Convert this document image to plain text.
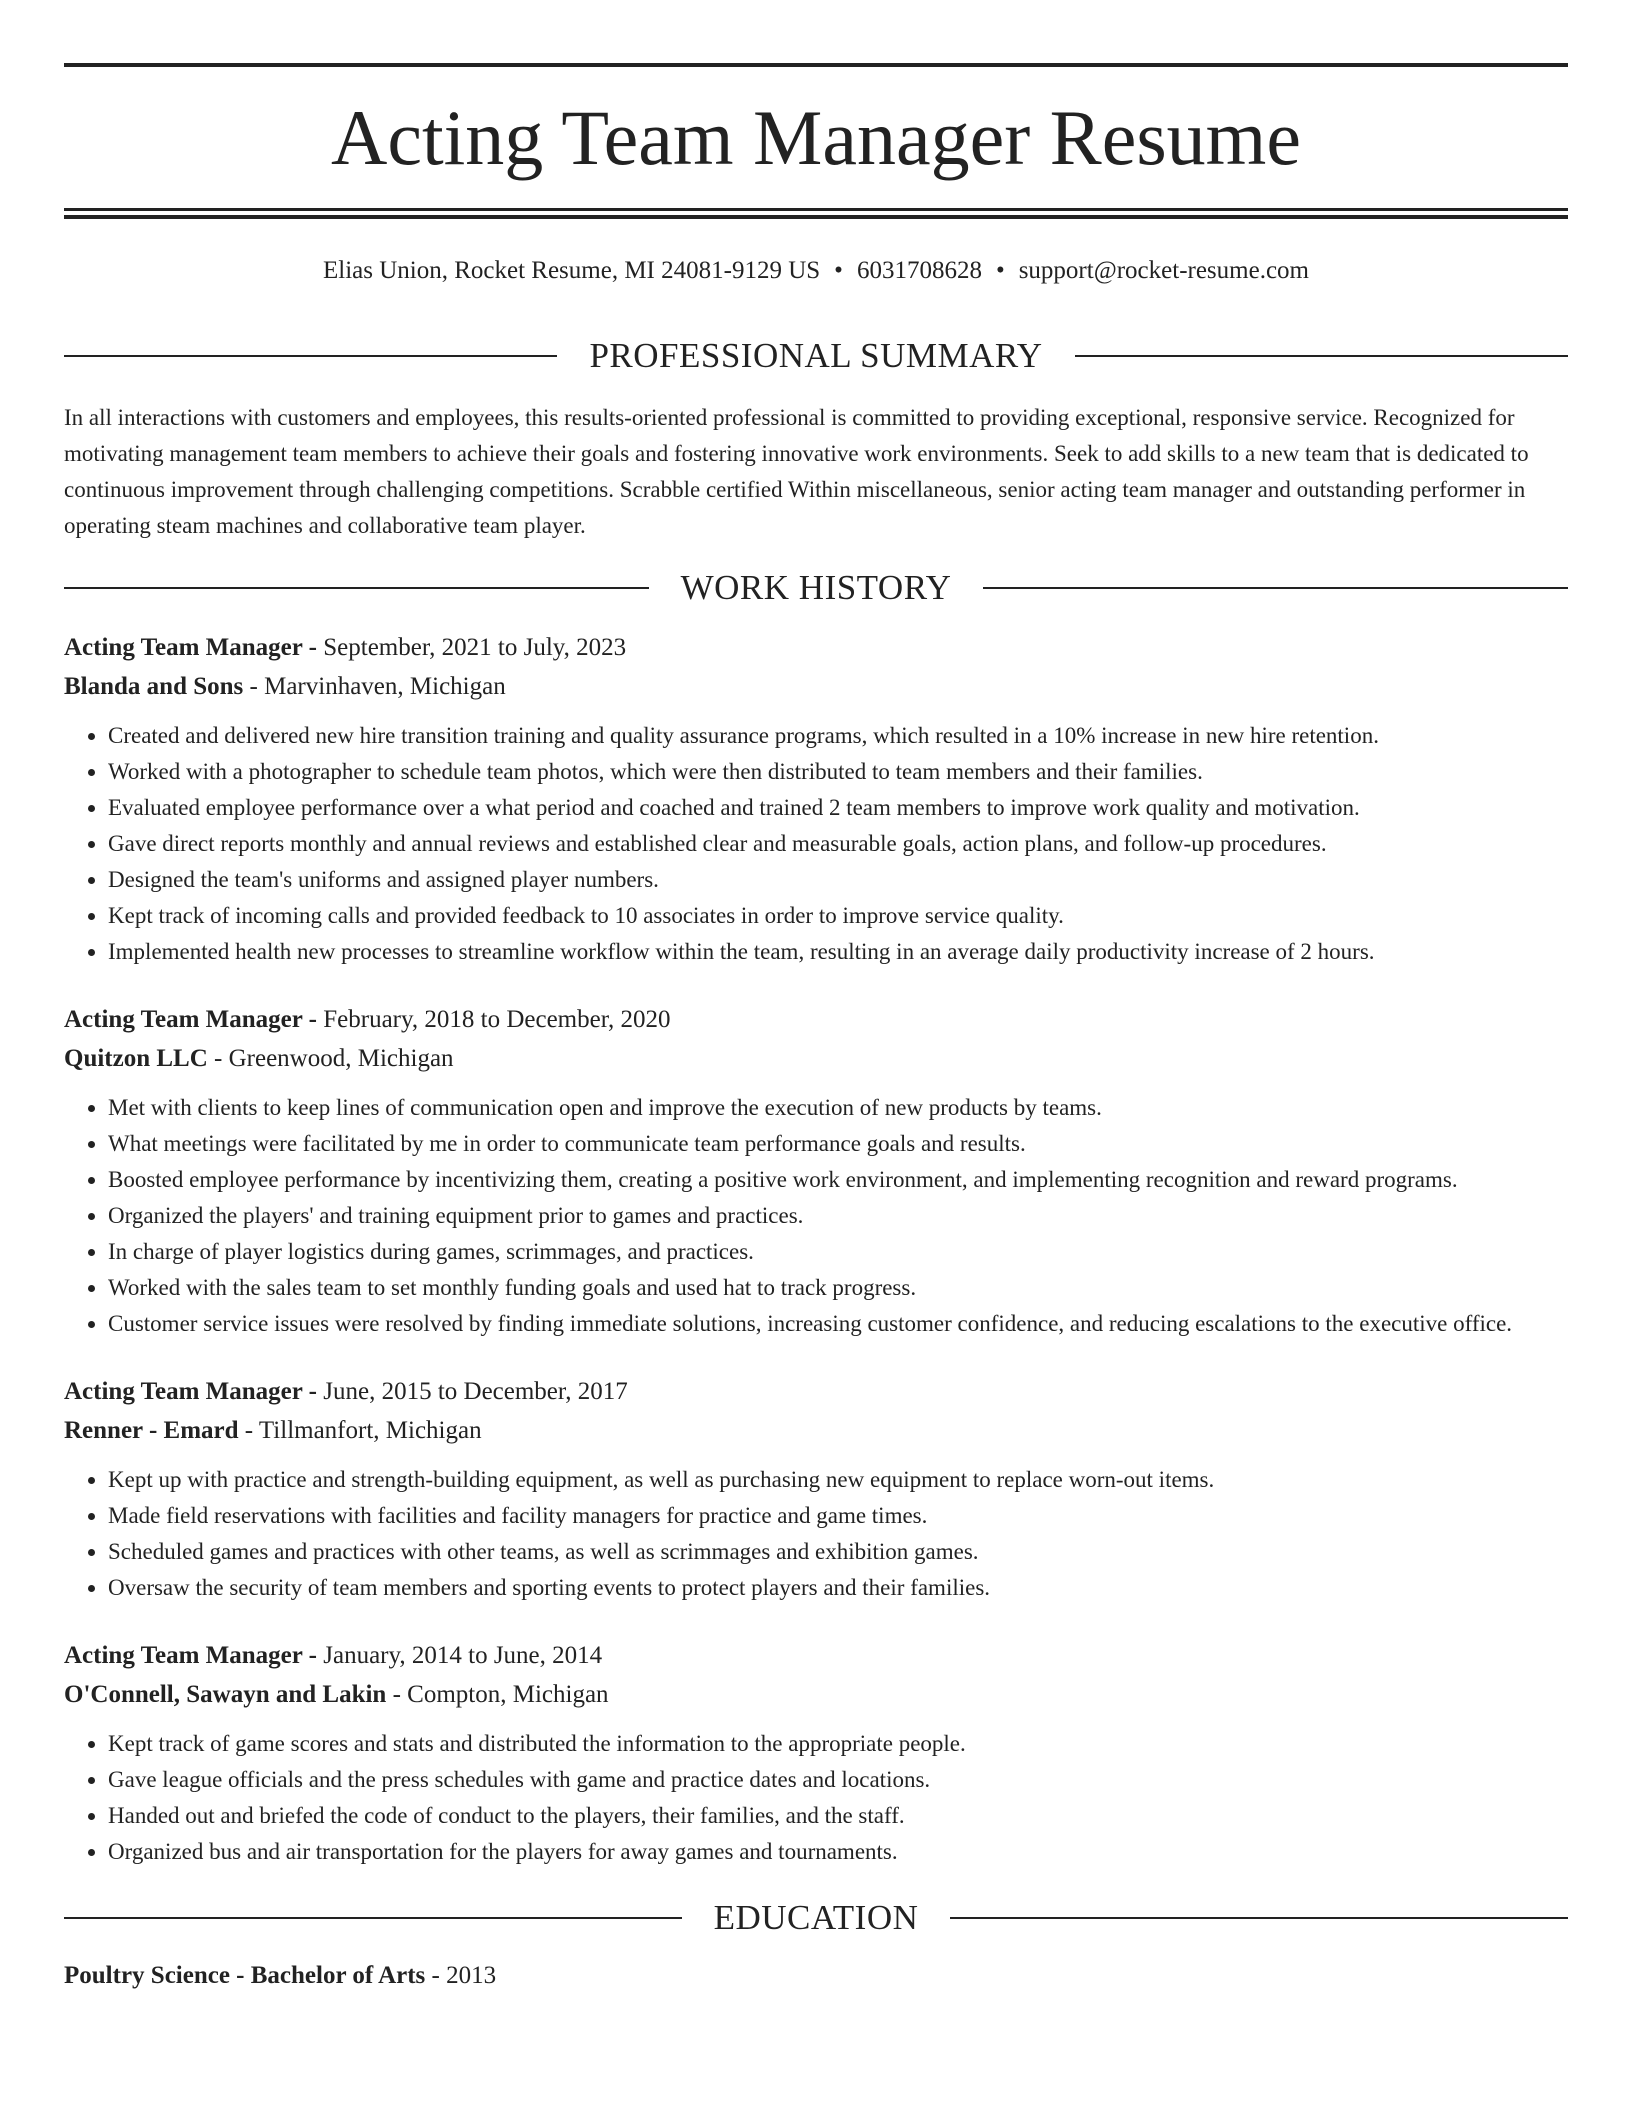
Acting Team Manager Resume
Elias Union, Rocket Resume, MI 24081-9129 US • 6031708628 • support@rocket-resume.com
PROFESSIONAL SUMMARY

In all interactions with customers and employees, this results-oriented professional is committed to providing exceptional, responsive service. Recognized for motivating management team members to achieve their goals and fostering innovative work environments. Seek to add skills to a new team that is dedicated to continuous improvement through challenging competitions. Scrabble certified Within miscellaneous, senior acting team manager and outstanding performer in operating steam machines and collaborative team player.

WORK HISTORY
Acting Team Manager - September, 2021 to July, 2023
Blanda and Sons - Marvinhaven, Michigan
• Created and delivered new hire transition training and quality assurance programs, which resulted in a 10% increase in new hire retention.
• Worked with a photographer to schedule team photos, which were then distributed to team members and their families.
• Evaluated employee performance over a what period and coached and trained 2 team members to improve work quality and motivation.
• Gave direct reports monthly and annual reviews and established clear and measurable goals, action plans, and follow-up procedures.
• Designed the team's uniforms and assigned player numbers.
• Kept track of incoming calls and provided feedback to 10 associates in order to improve service quality.
• Implemented health new processes to streamline workflow within the team, resulting in an average daily productivity increase of 2 hours.
Acting Team Manager - February, 2018 to December, 2020
Quitzon LLC - Greenwood, Michigan
• Met with clients to keep lines of communication open and improve the execution of new products by teams.
• What meetings were facilitated by me in order to communicate team performance goals and results.
• Boosted employee performance by incentivizing them, creating a positive work environment, and implementing recognition and reward programs.
• Organized the players' and training equipment prior to games and practices.
• In charge of player logistics during games, scrimmages, and practices.
• Worked with the sales team to set monthly funding goals and used hat to track progress.
• Customer service issues were resolved by finding immediate solutions, increasing customer confidence, and reducing escalations to the executive office.
Acting Team Manager - June, 2015 to December, 2017
Renner - Emard - Tillmanfort, Michigan
• Kept up with practice and strength-building equipment, as well as purchasing new equipment to replace worn-out items.
• Made field reservations with facilities and facility managers for practice and game times.
• Scheduled games and practices with other teams, as well as scrimmages and exhibition games.
• Oversaw the security of team members and sporting events to protect players and their families.
Acting Team Manager - January, 2014 to June, 2014
O'Connell, Sawayn and Lakin - Compton, Michigan
• Kept track of game scores and stats and distributed the information to the appropriate people.
• Gave league officials and the press schedules with game and practice dates and locations.
• Handed out and briefed the code of conduct to the players, their families, and the staff.
• Organized bus and air transportation for the players for away games and tournaments.
EDUCATION
Poultry Science - Bachelor of Arts - 2013
